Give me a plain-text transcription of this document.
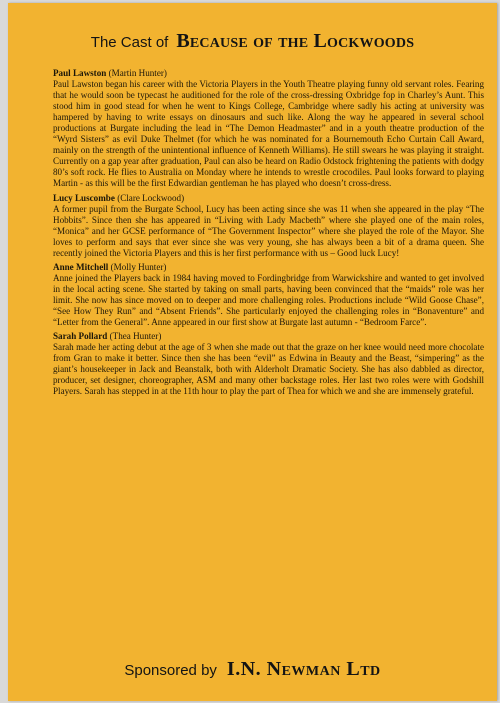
The Cast of Because of the Lockwoods
Paul Lawston (Martin Hunter)
Paul Lawston began his career with the Victoria Players in the Youth Theatre playing funny old servant roles. Fearing that he would soon be typecast he auditioned for the role of the cross-dressing Oxbridge fop in Charley’s Aunt. This stood him in good stead for when he went to Kings College, Cambridge where sadly his acting at university was hampered by having to write essays on dinosaurs and such like. Along the way he appeared in several school productions at Burgate including the lead in “The Demon Headmaster” and in a youth theatre production of the “Wyrd Sisters” as evil Duke Thelmet (for which he was nominated for a Bournemouth Echo Curtain Call Award, mainly on the strength of the unintentional influence of Kenneth Williams). He still swears he was playing it straight. Currently on a gap year after graduation, Paul can also be heard on Radio Odstock frightening the patients with dodgy 80’s soft rock. He flies to Australia on Monday where he intends to wrestle crocodiles. Paul looks forward to playing Martin - as this will be the first Edwardian gentleman he has played who doesn’t cross-dress.
Lucy Luscombe (Clare Lockwood)
A former pupil from the Burgate School, Lucy has been acting since she was 11 when she appeared in the play “The Hobbits”. Since then she has appeared in “Living with Lady Macbeth” where she played one of the main roles, “Monica” and her GCSE performance of “The Government Inspector” where she played the role of the Mayor. She loves to perform and says that ever since she was very young, she has always been a bit of a drama queen. She recently joined the Victoria Players and this is her first performance with us – Good luck Lucy!
Anne Mitchell (Molly Hunter)
Anne joined the Players back in 1984 having moved to Fordingbridge from Warwickshire and wanted to get involved in the local acting scene. She started by taking on small parts, having been convinced that the “maids” role was her limit. She now has since moved on to deeper and more challenging roles. Productions include “Wild Goose Chase”, “See How They Run” and “Absent Friends”. She particularly enjoyed the challenging roles in “Bonaventure” and “Letter from the General”. Anne appeared in our first show at Burgate last autumn - “Bedroom Farce”.
Sarah Pollard (Thea Hunter)
Sarah made her acting debut at the age of 3 when she made out that the graze on her knee would need more chocolate from Gran to make it better. Since then she has been “evil” as Edwina in Beauty and the Beast, “simpering” as the giant’s housekeeper in Jack and Beanstalk, both with Alderholt Dramatic Society. She has also dabbled as director, producer, set designer, choreographer, ASM and many other backstage roles. Her last two roles were with Godshill Players. Sarah has stepped in at the 11th hour to play the part of Thea for which we and she are immensely grateful.
Sponsored by I.N. Newman Ltd
